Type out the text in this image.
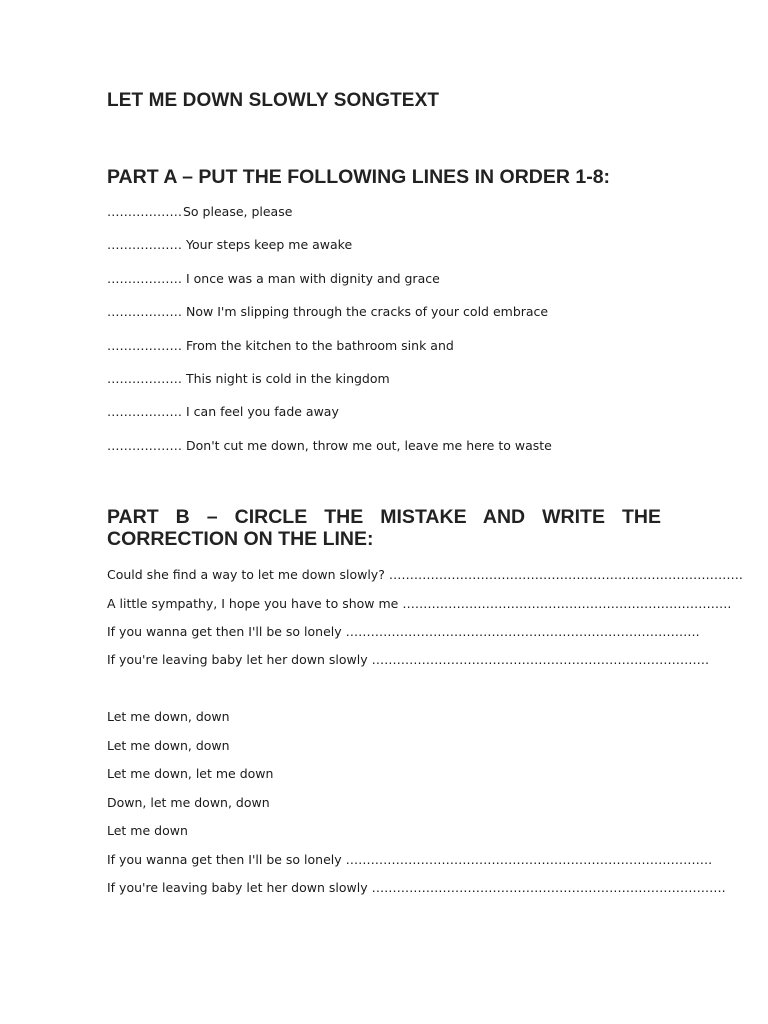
LET ME DOWN SLOWLY SONGTEXT
PART A – PUT THE FOLLOWING LINES IN ORDER 1-8:
……………… So please, please
……………… Your steps keep me awake
……………… I once was a man with dignity and grace
……………… Now I'm slipping through the cracks of your cold embrace
……………… From the kitchen to the bathroom sink and
……………… This night is cold in the kingdom
……………… I can feel you fade away
……………… Don't cut me down, throw me out, leave me here to waste
PART B – CIRCLE THE MISTAKE AND WRITE THE CORRECTION ON THE LINE:
Could she find a way to let me down slowly? ………………………………………………………………………….
A little sympathy, I hope you have to show me …………………………………………………………………….
If you wanna get then I'll be so lonely ………………………………………………………………………….
If you're leaving baby let her down slowly ………………………………………………………………………
Let me down, down
Let me down, down
Let me down, let me down
Down, let me down, down
Let me down
If you wanna get then I'll be so lonely …………………………………………………………………………….
If you're leaving baby let her down slowly ………………………………………………………………………….
